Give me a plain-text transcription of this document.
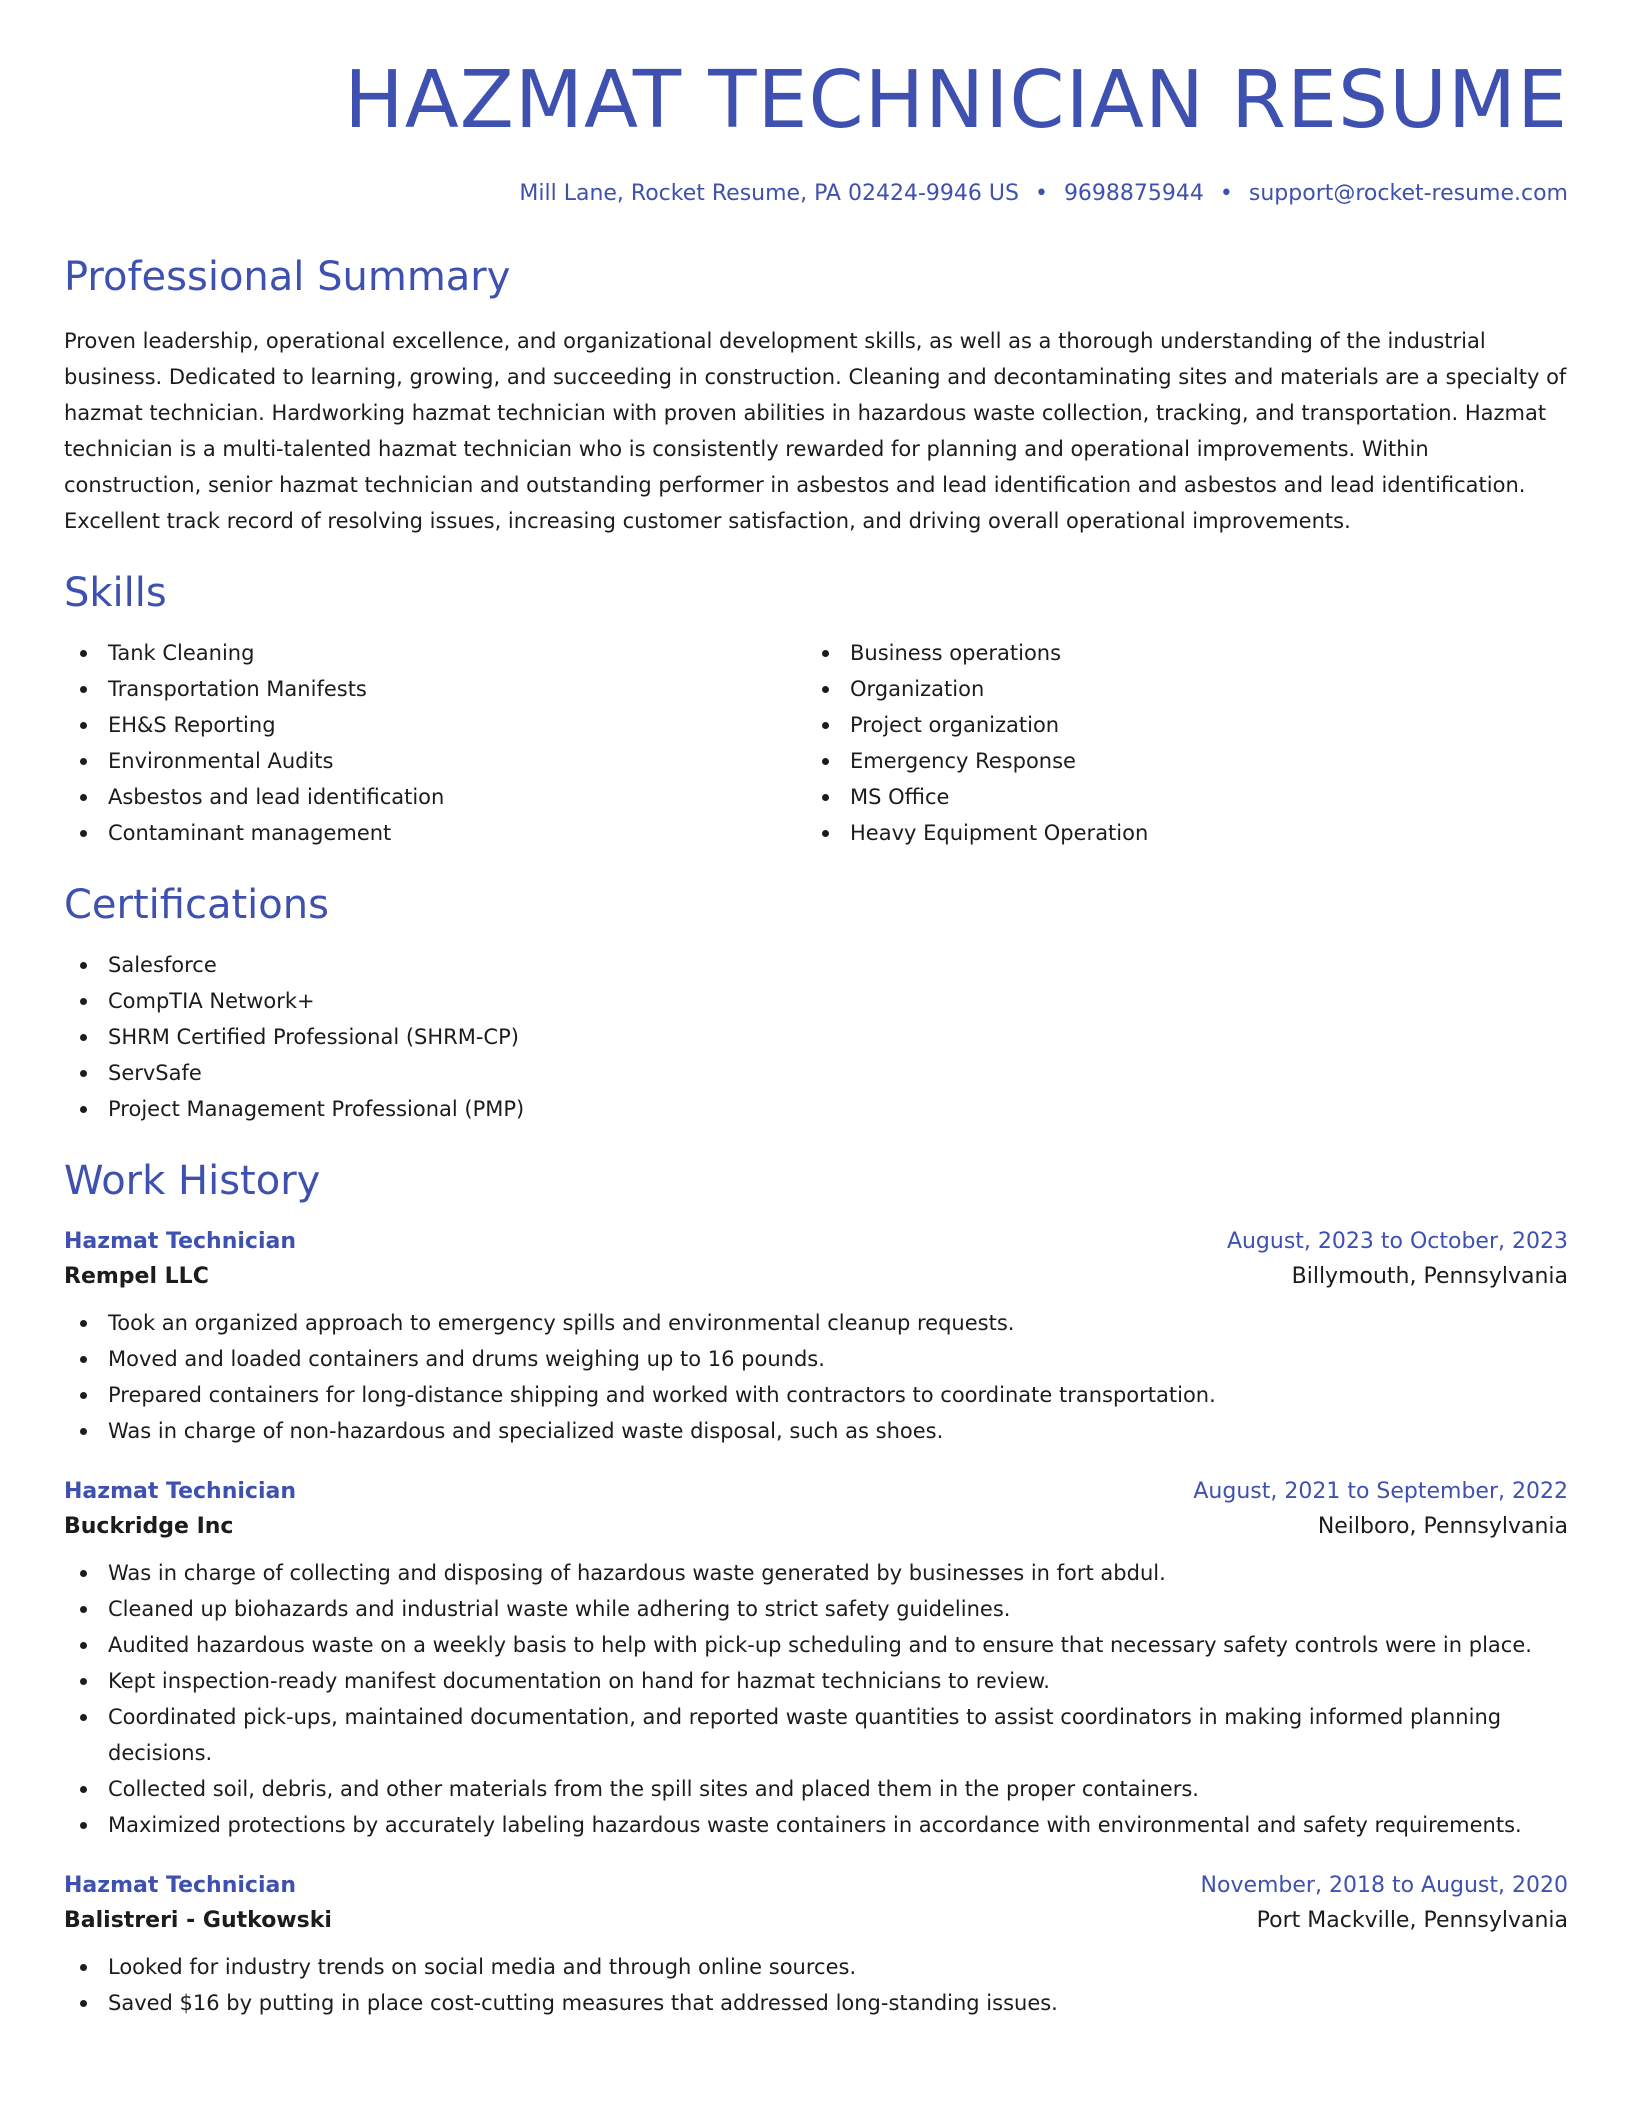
HAZMAT TECHNICIAN RESUME
Mill Lane, Rocket Resume, PA 02424-9946 US • 9698875944 • support@rocket-resume.com
Professional Summary
Proven leadership, operational excellence, and organizational development skills, as well as a thorough understanding of the industrial
business. Dedicated to learning, growing, and succeeding in construction. Cleaning and decontaminating sites and materials are a specialty of
hazmat technician. Hardworking hazmat technician with proven abilities in hazardous waste collection, tracking, and transportation. Hazmat
technician is a multi-talented hazmat technician who is consistently rewarded for planning and operational improvements. Within
construction, senior hazmat technician and outstanding performer in asbestos and lead identification and asbestos and lead identification.
Excellent track record of resolving issues, increasing customer satisfaction, and driving overall operational improvements.
Skills
Tank Cleaning
Transportation Manifests
EH&S Reporting
Environmental Audits
Asbestos and lead identification
Contaminant management
Business operations
Organization
Project organization
Emergency Response
MS Office
Heavy Equipment Operation
Certifications
Salesforce
CompTIA Network+
SHRM Certified Professional (SHRM-CP)
ServSafe
Project Management Professional (PMP)
Work History
Hazmat Technician	August, 2023 to October, 2023
Rempel LLC	Billymouth, Pennsylvania
Took an organized approach to emergency spills and environmental cleanup requests.
Moved and loaded containers and drums weighing up to 16 pounds.
Prepared containers for long-distance shipping and worked with contractors to coordinate transportation.
Was in charge of non-hazardous and specialized waste disposal, such as shoes.
Hazmat Technician	August, 2021 to September, 2022
Buckridge Inc	Neilboro, Pennsylvania
Was in charge of collecting and disposing of hazardous waste generated by businesses in fort abdul.
Cleaned up biohazards and industrial waste while adhering to strict safety guidelines.
Audited hazardous waste on a weekly basis to help with pick-up scheduling and to ensure that necessary safety controls were in place.
Kept inspection-ready manifest documentation on hand for hazmat technicians to review.
Coordinated pick-ups, maintained documentation, and reported waste quantities to assist coordinators in making informed planning decisions.
Collected soil, debris, and other materials from the spill sites and placed them in the proper containers.
Maximized protections by accurately labeling hazardous waste containers in accordance with environmental and safety requirements.
Hazmat Technician	November, 2018 to August, 2020
Balistreri - Gutkowski	Port Mackville, Pennsylvania
Looked for industry trends on social media and through online sources.
Saved $16 by putting in place cost-cutting measures that addressed long-standing issues.
